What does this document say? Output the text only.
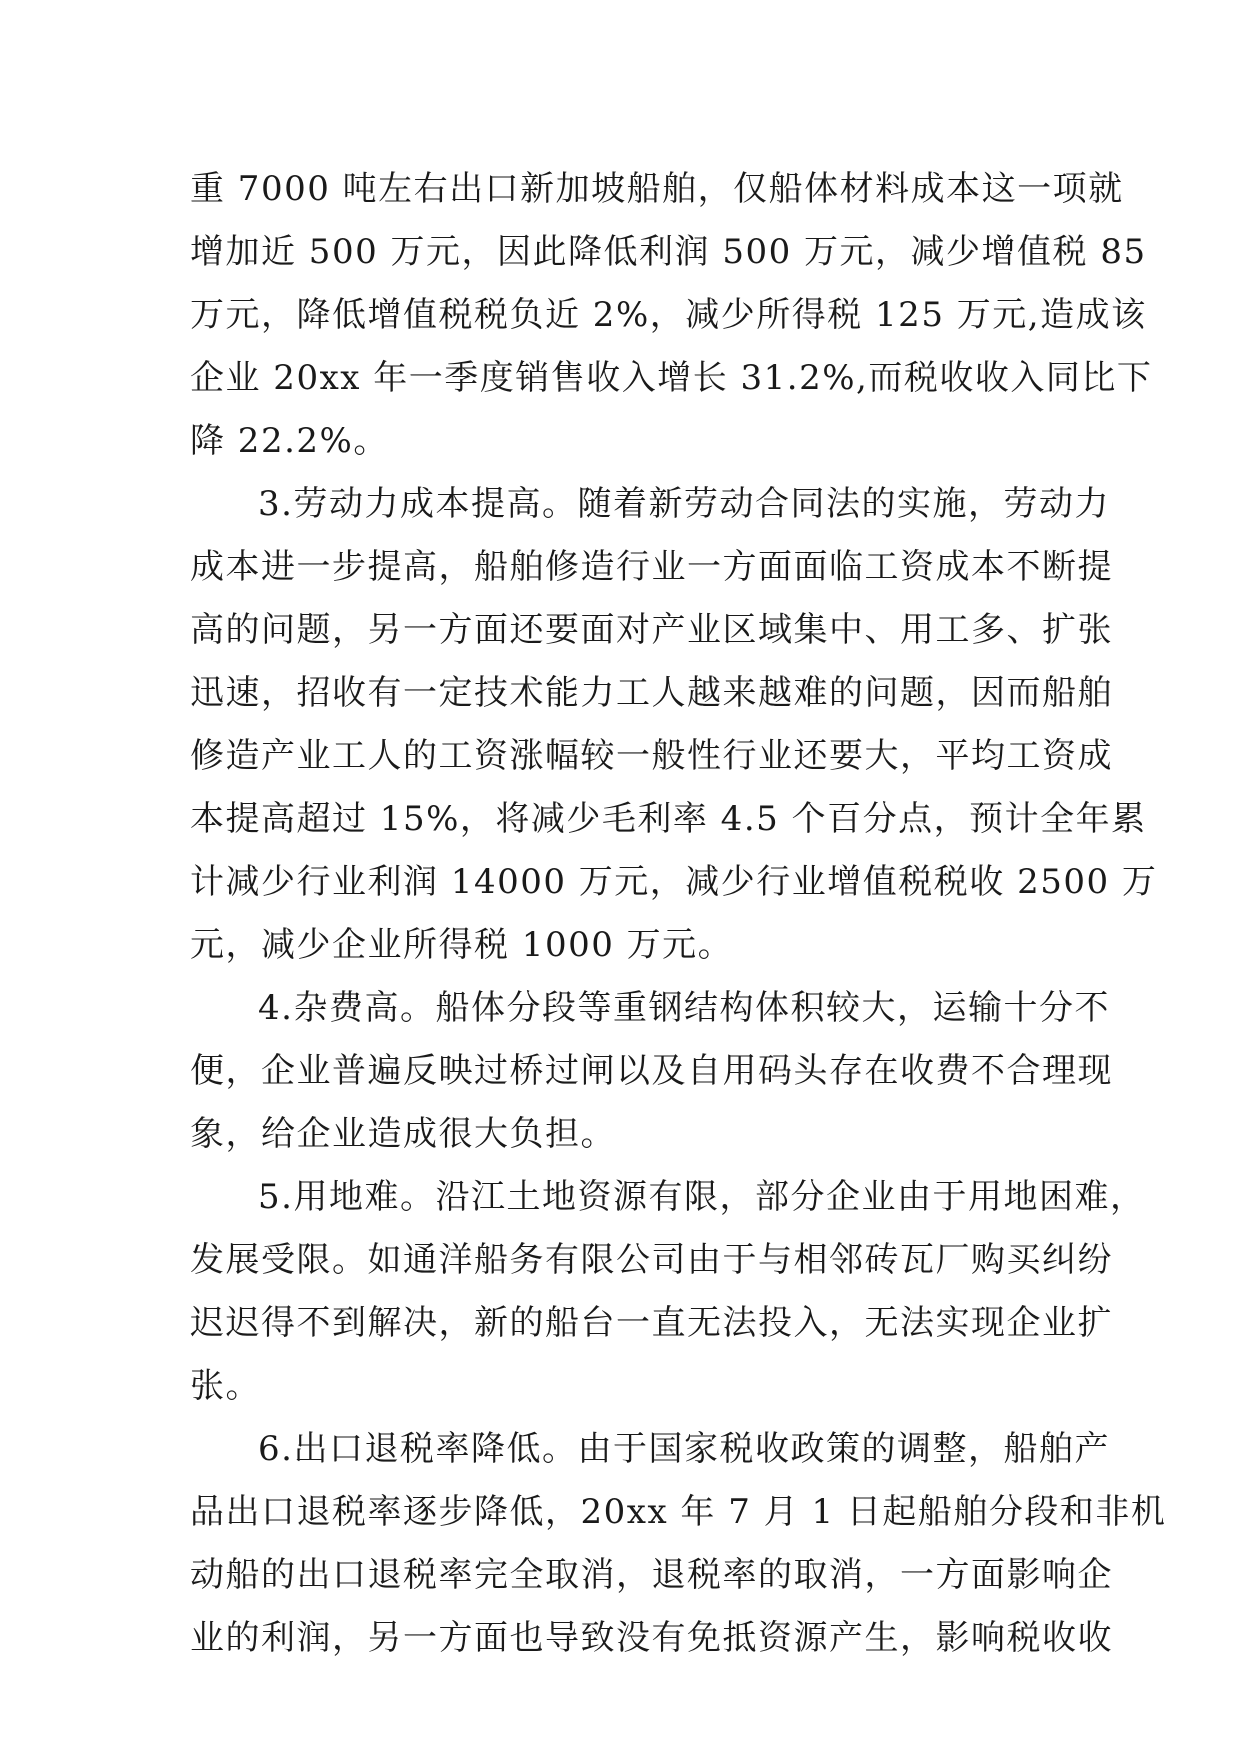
重 7000 吨左右出口新加坡船舶，仅船体材料成本这一项就
增加近 500 万元，因此降低利润 500 万元，减少增值税 85
万元，降低增值税税负近 2%，减少所得税 125 万元,造成该
企业 20xx 年一季度销售收入增长 31.2%,而税收收入同比下
降 22.2%。
3.劳动力成本提高。随着新劳动合同法的实施，劳动力
成本进一步提高，船舶修造行业一方面面临工资成本不断提
高的问题，另一方面还要面对产业区域集中、用工多、扩张
迅速，招收有一定技术能力工人越来越难的问题，因而船舶
修造产业工人的工资涨幅较一般性行业还要大，平均工资成
本提高超过 15%，将减少毛利率 4.5 个百分点，预计全年累
计减少行业利润 14000 万元，减少行业增值税税收 2500 万
元，减少企业所得税 1000 万元。
4.杂费高。船体分段等重钢结构体积较大，运输十分不
便，企业普遍反映过桥过闸以及自用码头存在收费不合理现
象，给企业造成很大负担。
5.用地难。沿江土地资源有限，部分企业由于用地困难，
发展受限。如通洋船务有限公司由于与相邻砖瓦厂购买纠纷
迟迟得不到解决，新的船台一直无法投入，无法实现企业扩
张。
6.出口退税率降低。由于国家税收政策的调整，船舶产
品出口退税率逐步降低，20xx 年 7 月 1 日起船舶分段和非机
动船的出口退税率完全取消，退税率的取消，一方面影响企
业的利润，另一方面也导致没有免抵资源产生，影响税收收
